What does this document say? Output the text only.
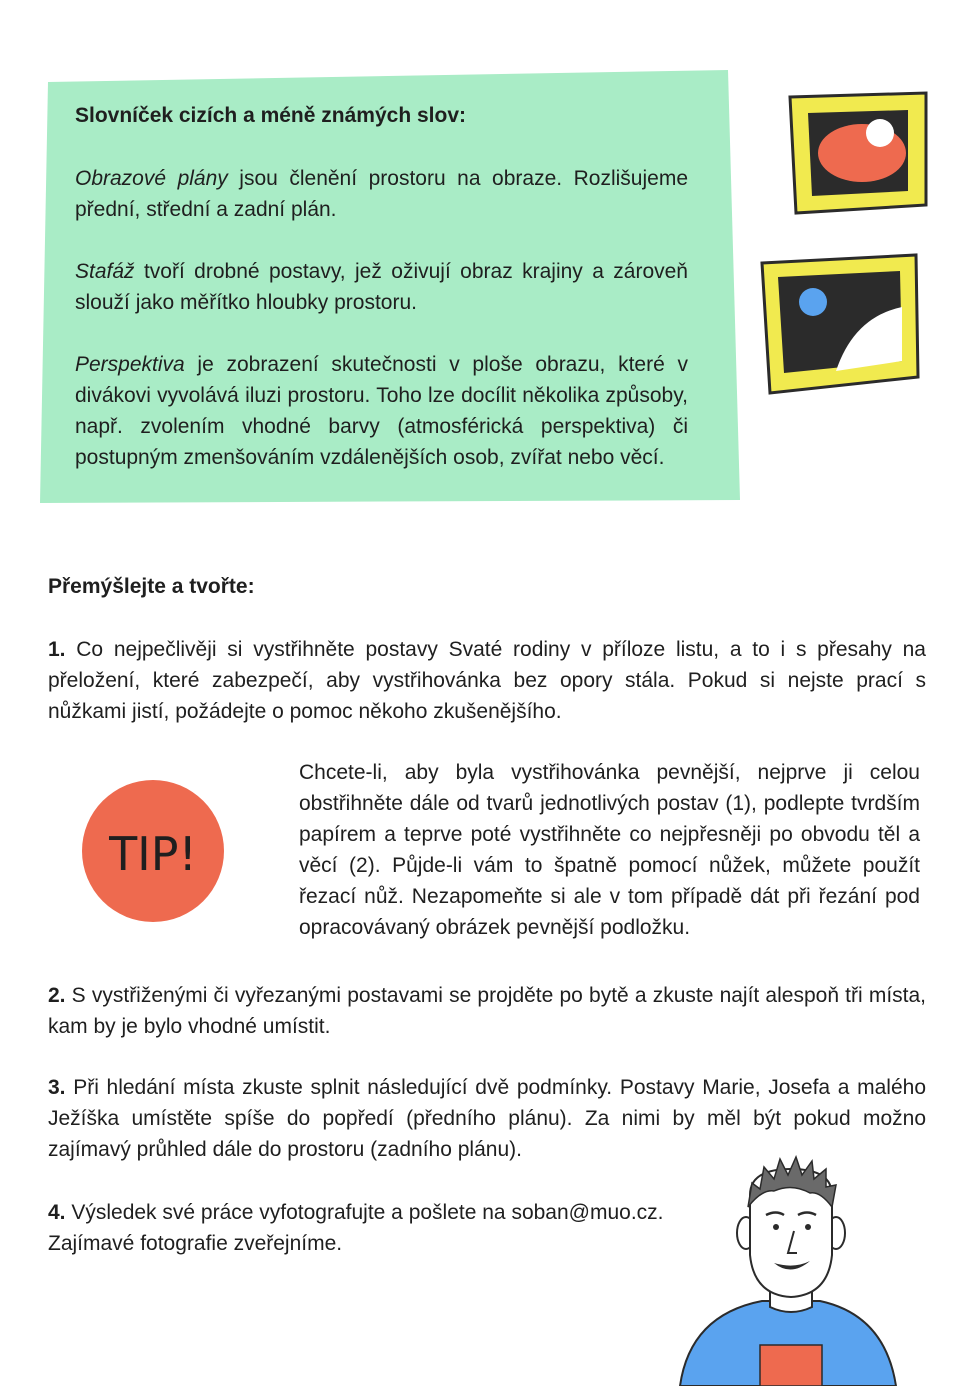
Slovníček cizích a méně známých slov:

Obrazové plány jsou členění prostoru na obraze. Rozlišujeme přední, střední a zadní plán.

Stafáž tvoří drobné postavy, jež oživují obraz krajiny a zároveň slouží jako měřítko hloubky prostoru.

Perspektiva je zobrazení skutečnosti v ploše obrazu, které v divákovi vyvolává iluzi prostoru. Toho lze docílit několika způsoby, např. zvolením vhodné barvy (atmosférická perspektiva) či postupným zmenšováním vzdálenějších osob, zvířat nebo věcí.

Přemýšlejte a tvořte:

1. Co nejpečlivěji si vystřihněte postavy Svaté rodiny v příloze listu, a to i s přesahy na přeložení, které zabezpečí, aby vystřihovánka bez opory stála. Pokud si nejste prací s nůžkami jistí, požádejte o pomoc někoho zkušenějšího.

TIP!

Chcete-li, aby byla vystřihovánka pevnější, nejprve ji celou obstřihněte dále od tvarů jednotlivých postav (1), podlepte tvrdším papírem a teprve poté vystřihněte co nejpřesněji po obvodu těl a věcí (2). Půjde-li vám to špatně pomocí nůžek, můžete použít řezací nůž. Nezapomeňte si ale v tom případě dát při řezání pod opracovávaný obrázek pevnější podložku.

2. S vystřiženými či vyřezanými postavami se projděte po bytě a zkuste najít alespoň tři místa, kam by je bylo vhodné umístit.

3. Při hledání místa zkuste splnit následující dvě podmínky. Postavy Marie, Josefa a malého Ježíška umístěte spíše do popředí (předního plánu). Za nimi by měl být pokud možno zajímavý průhled dále do prostoru (zadního plánu).

4. Výsledek své práce vyfotografujte a pošlete na soban@muo.cz.
Zajímavé fotografie zveřejníme.
